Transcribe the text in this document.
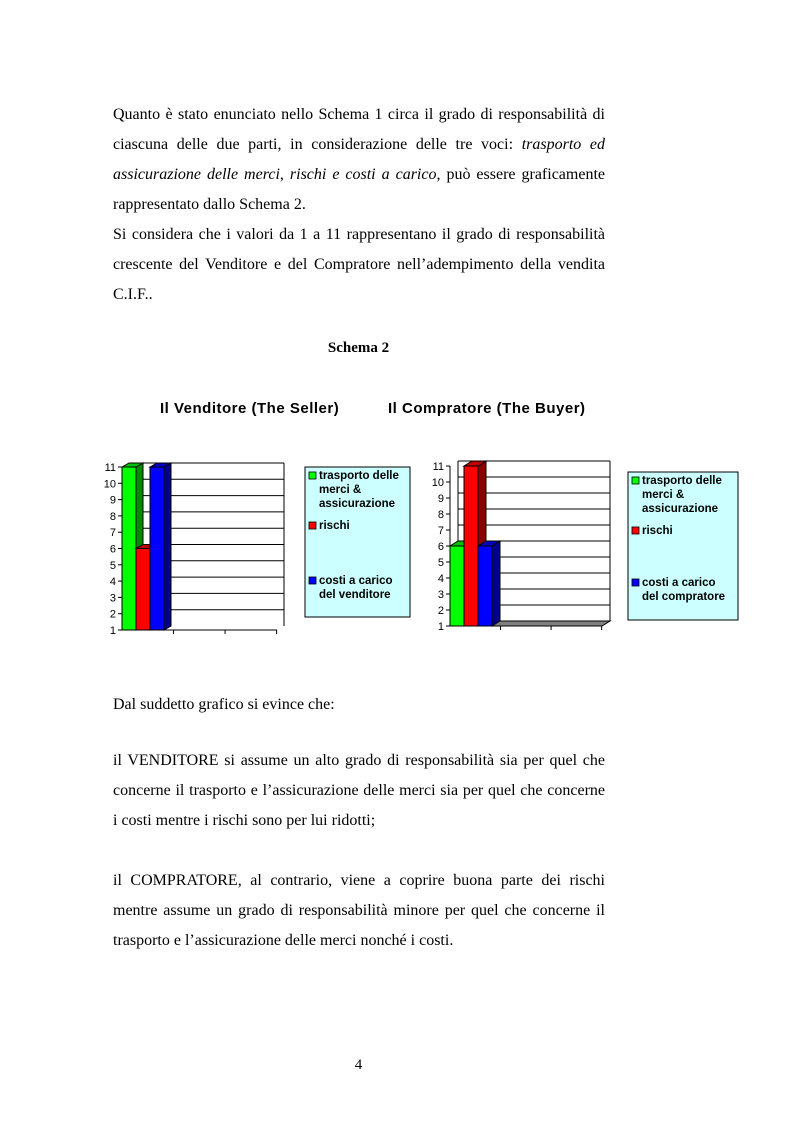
Quanto è stato enunciato nello Schema 1 circa il grado di responsabilità di
ciascuna delle due parti, in considerazione delle tre voci: trasporto ed
assicurazione delle merci, rischi e costi a carico, può essere graficamente
rappresentato dallo Schema 2.
Si considera che i valori da 1 a 11 rappresentano il grado di responsabilità
crescente del Venditore e del Compratore nell’adempimento della vendita
C.I.F..
Schema 2
Il Venditore (The Seller)	Il Compratore (The Buyer)
1
2
3
4
5
6
7
8
9
10
11
trasporto delle
merci &
assicurazione
rischi
costi a carico
del venditore
1
2
3
4
5
6
7
8
9
10
11
trasporto delle
merci &
assicurazione
rischi
costi a carico
del compratore
Dal suddetto grafico si evince che:
il VENDITORE si assume un alto grado di responsabilità sia per quel che
concerne il trasporto e l’assicurazione delle merci sia per quel che concerne
i costi mentre i rischi sono per lui ridotti;
il COMPRATORE, al contrario, viene a coprire buona parte dei rischi
mentre assume un grado di responsabilità minore per quel che concerne il
trasporto e l’assicurazione delle merci nonché i costi.
4
